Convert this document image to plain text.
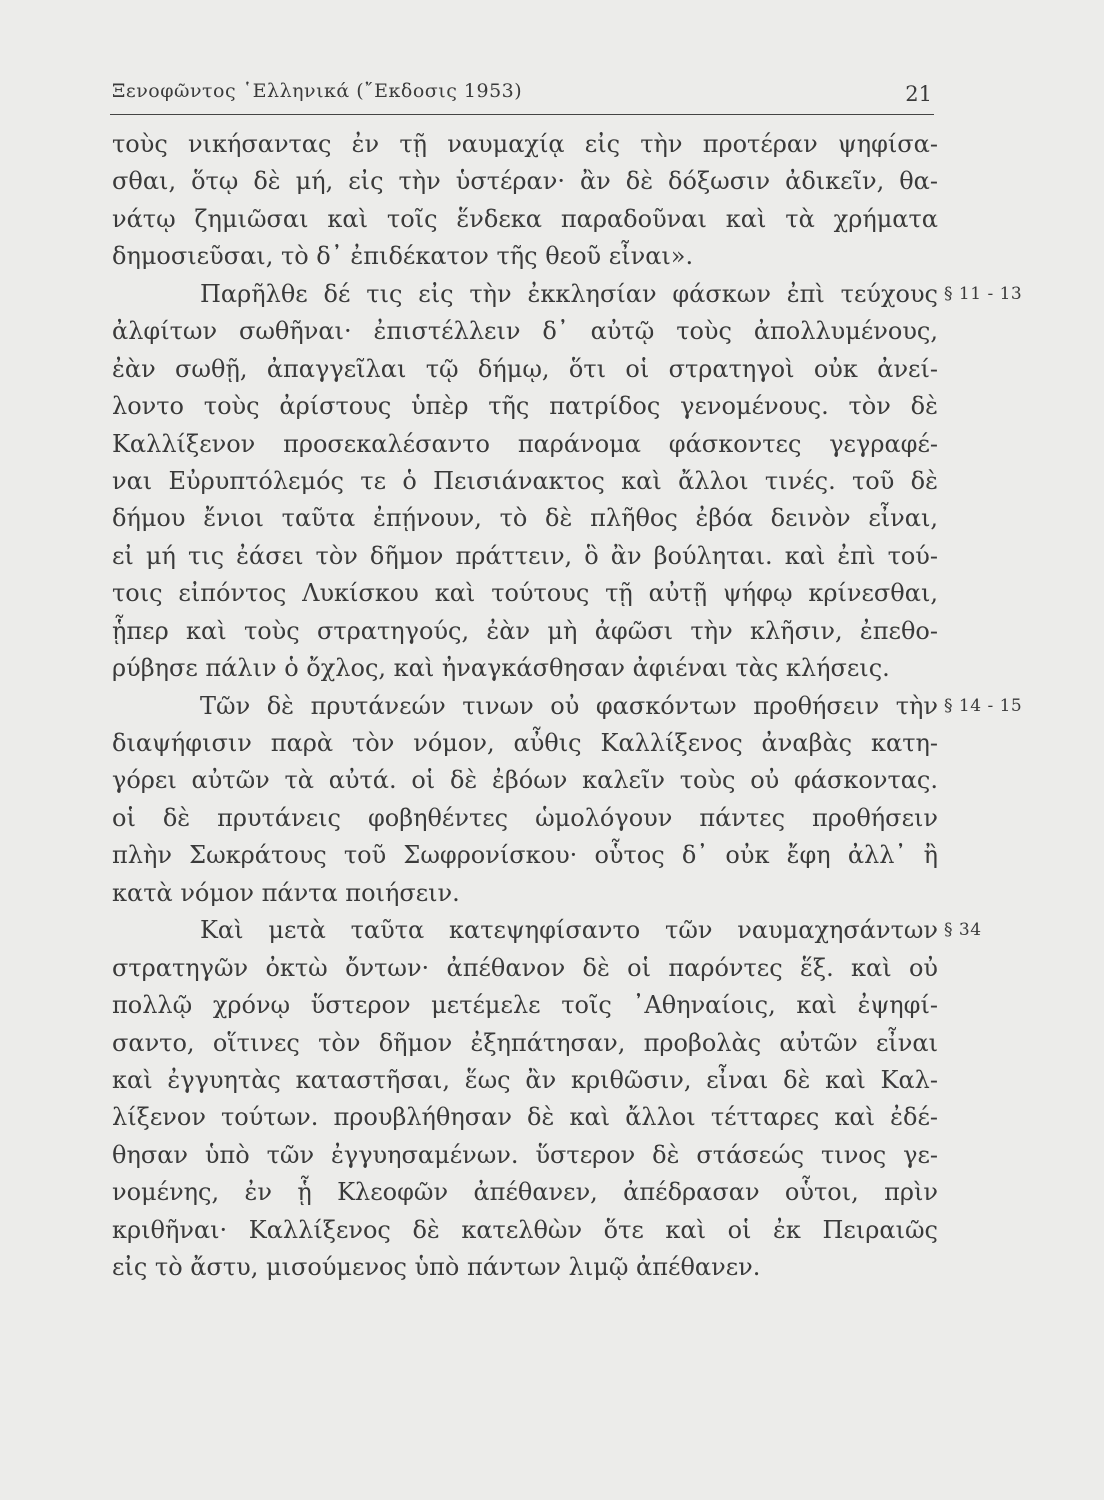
Ξενοφῶντος ῾Ελληνικά (῎Εκδοσις 1953)	21
τοὺς νικήσαντας ἐν τῇ ναυμαχίᾳ εἰς τὴν προτέραν ψηφίσα-
σθαι, ὅτῳ δὲ μή, εἰς τὴν ὑστέραν· ἂν δὲ δόξωσιν ἀδικεῖν, θα-
νάτῳ ζημιῶσαι καὶ τοῖς ἕνδεκα παραδοῦναι καὶ τὰ χρήματα
δημοσιεῦσαι, τὸ δ᾽ ἐπιδέκατον τῆς θεοῦ εἶναι».
Παρῆλθε δέ τις εἰς τὴν ἐκκλησίαν φάσκων ἐπὶ τεύχους § 11 - 13
ἀλφίτων σωθῆναι· ἐπιστέλλειν δ᾽ αὐτῷ τοὺς ἀπολλυμένους,
ἐὰν σωθῇ, ἀπαγγεῖλαι τῷ δήμῳ, ὅτι οἱ στρατηγοὶ οὐκ ἀνεί-
λοντο τοὺς ἀρίστους ὑπὲρ τῆς πατρίδος γενομένους. τὸν δὲ
Καλλίξενον προσεκαλέσαντο παράνομα φάσκοντες γεγραφέ-
ναι Εὐρυπτόλεμός τε ὁ Πεισιάνακτος καὶ ἄλλοι τινές. τοῦ δὲ
δήμου ἔνιοι ταῦτα ἐπῄνουν, τὸ δὲ πλῆθος ἐβόα δεινὸν εἶναι,
εἰ μή τις ἐάσει τὸν δῆμον πράττειν, ὃ ἂν βούληται. καὶ ἐπὶ τού-
τοις εἰπόντος Λυκίσκου καὶ τούτους τῇ αὐτῇ ψήφῳ κρίνεσθαι,
ᾗπερ καὶ τοὺς στρατηγούς, ἐὰν μὴ ἀφῶσι τὴν κλῆσιν, ἐπεθο-
ρύβησε πάλιν ὁ ὄχλος, καὶ ἠναγκάσθησαν ἀφιέναι τὰς κλήσεις.
Τῶν δὲ πρυτάνεών τινων οὐ φασκόντων προθήσειν τὴν § 14 - 15
διαψήφισιν παρὰ τὸν νόμον, αὖθις Καλλίξενος ἀναβὰς κατη-
γόρει αὐτῶν τὰ αὐτά. οἱ δὲ ἐβόων καλεῖν τοὺς οὐ φάσκοντας.
οἱ δὲ πρυτάνεις φοβηθέντες ὡμολόγουν πάντες προθήσειν
πλὴν Σωκράτους τοῦ Σωφρονίσκου· οὗτος δ᾽ οὐκ ἔφη ἀλλ᾽ ἢ
κατὰ νόμον πάντα ποιήσειν.
Καὶ μετὰ ταῦτα κατεψηφίσαντο τῶν ναυμαχησάντων § 34
στρατηγῶν ὀκτὼ ὄντων· ἀπέθανον δὲ οἱ παρόντες ἕξ. καὶ οὐ
πολλῷ χρόνῳ ὕστερον μετέμελε τοῖς ᾽Αθηναίοις, καὶ ἐψηφί-
σαντο, οἵτινες τὸν δῆμον ἐξηπάτησαν, προβολὰς αὐτῶν εἶναι
καὶ ἐγγυητὰς καταστῆσαι, ἕως ἂν κριθῶσιν, εἶναι δὲ καὶ Καλ-
λίξενον τούτων. προυβλήθησαν δὲ καὶ ἄλλοι τέτταρες καὶ ἐδέ-
θησαν ὑπὸ τῶν ἐγγυησαμένων. ὕστερον δὲ στάσεώς τινος γε-
νομένης, ἐν ᾗ Κλεοφῶν ἀπέθανεν, ἀπέδρασαν οὗτοι, πρὶν
κριθῆναι· Καλλίξενος δὲ κατελθὼν ὅτε καὶ οἱ ἐκ Πειραιῶς
εἰς τὸ ἄστυ, μισούμενος ὑπὸ πάντων λιμῷ ἀπέθανεν.
